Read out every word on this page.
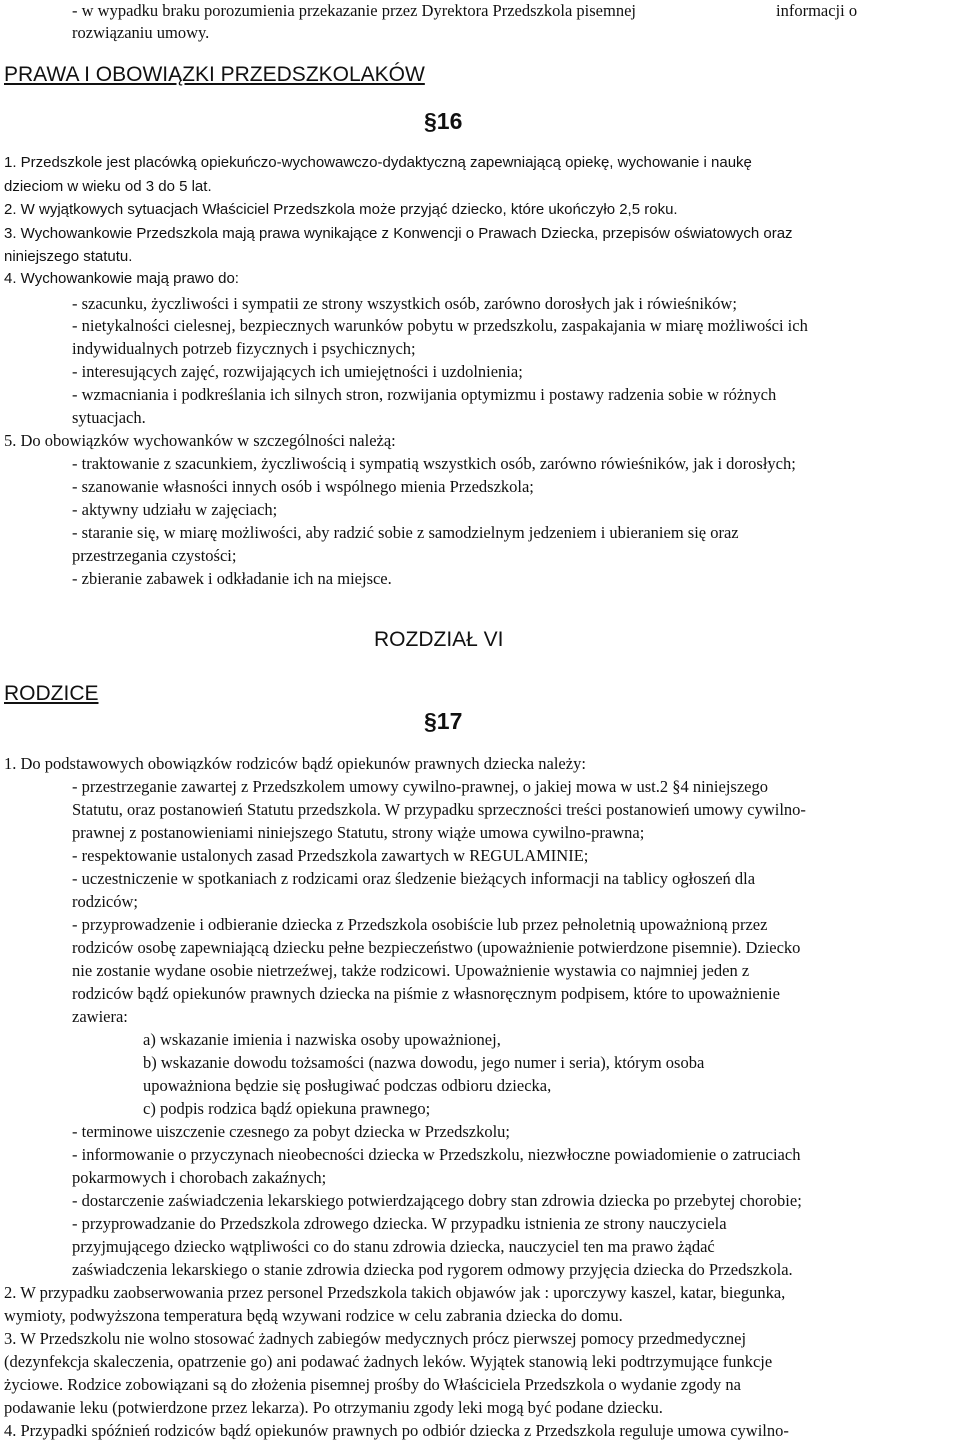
- w wypadku braku porozumienia przekazanie przez Dyrektora Przedszkola pisemnej	informacji o
rozwiązaniu umowy.
PRAWA I OBOWIĄZKI PRZEDSZKOLAKÓW
§16
1. Przedszkole jest placówką opiekuńczo-wychowawczo-dydaktyczną zapewniającą opiekę, wychowanie i naukę
dzieciom w wieku od 3 do 5 lat.
2. W wyjątkowych sytuacjach Właściciel Przedszkola może przyjąć dziecko, które ukończyło 2,5 roku.
3. Wychowankowie Przedszkola mają prawa wynikające z Konwencji o Prawach Dziecka, przepisów oświatowych oraz
niniejszego statutu.
4. Wychowankowie mają prawo do:
- szacunku, życzliwości i sympatii ze strony wszystkich osób, zarówno dorosłych jak i rówieśników;
- nietykalności cielesnej, bezpiecznych warunków pobytu w przedszkolu, zaspakajania w miarę możliwości ich
indywidualnych potrzeb fizycznych i psychicznych;
- interesujących zajęć, rozwijających ich umiejętności i uzdolnienia;
- wzmacniania i podkreślania ich silnych stron, rozwijania optymizmu i postawy radzenia sobie w różnych
sytuacjach.
5. Do obowiązków wychowanków w szczególności należą:
- traktowanie z szacunkiem, życzliwością i sympatią wszystkich osób, zarówno rówieśników, jak i dorosłych;
- szanowanie własności innych osób i wspólnego mienia Przedszkola;
- aktywny udziału w zajęciach;
- staranie się, w miarę możliwości, aby radzić sobie z samodzielnym jedzeniem i ubieraniem się oraz
przestrzegania czystości;
- zbieranie zabawek i odkładanie ich na miejsce.
ROZDZIAŁ VI
RODZICE
§17
1. Do podstawowych obowiązków rodziców bądź opiekunów prawnych dziecka należy:
- przestrzeganie zawartej z Przedszkolem umowy cywilno-prawnej, o jakiej mowa w ust.2 §4 niniejszego
Statutu, oraz postanowień Statutu przedszkola. W przypadku sprzeczności treści postanowień umowy cywilno-
prawnej z postanowieniami niniejszego Statutu, strony wiąże umowa cywilno-prawna;
- respektowanie ustalonych zasad Przedszkola zawartych w REGULAMINIE;
- uczestniczenie w spotkaniach z rodzicami oraz śledzenie bieżących informacji na tablicy ogłoszeń dla
rodziców;
- przyprowadzenie i odbieranie dziecka z Przedszkola osobiście lub przez pełnoletnią upoważnioną przez
rodziców osobę zapewniającą dziecku pełne bezpieczeństwo (upoważnienie potwierdzone pisemnie). Dziecko
nie zostanie wydane osobie nietrzeźwej, także rodzicowi. Upoważnienie wystawia co najmniej jeden z
rodziców bądź opiekunów prawnych dziecka na piśmie z własnoręcznym podpisem, które to upoważnienie
zawiera:
a) wskazanie imienia i nazwiska osoby upoważnionej,
b) wskazanie dowodu tożsamości (nazwa dowodu, jego numer i seria), którym osoba
upoważniona będzie się posługiwać podczas odbioru dziecka,
c) podpis rodzica bądź opiekuna prawnego;
- terminowe uiszczenie czesnego za pobyt dziecka w Przedszkolu;
- informowanie o przyczynach nieobecności dziecka w Przedszkolu, niezwłoczne powiadomienie o zatruciach
pokarmowych i chorobach zakaźnych;
- dostarczenie zaświadczenia lekarskiego potwierdzającego dobry stan zdrowia dziecka po przebytej chorobie;
- przyprowadzanie do Przedszkola zdrowego dziecka. W przypadku istnienia ze strony nauczyciela
przyjmującego dziecko wątpliwości co do stanu zdrowia dziecka, nauczyciel ten ma prawo żądać
zaświadczenia lekarskiego o stanie zdrowia dziecka pod rygorem odmowy przyjęcia dziecka do Przedszkola.
2. W przypadku zaobserwowania przez personel Przedszkola takich objawów jak : uporczywy kaszel, katar, biegunka,
wymioty, podwyższona temperatura będą wzywani rodzice w celu zabrania dziecka do domu.
3. W Przedszkolu nie wolno stosować żadnych zabiegów medycznych prócz pierwszej pomocy przedmedycznej
(dezynfekcja skaleczenia, opatrzenie go) ani podawać żadnych leków. Wyjątek stanowią leki podtrzymujące funkcje
życiowe. Rodzice zobowiązani są do złożenia pisemnej prośby do Właściciela Przedszkola o wydanie zgody na
podawanie leku (potwierdzone przez lekarza). Po otrzymaniu zgody leki mogą być podane dziecku.
4. Przypadki spóźnień rodziców bądź opiekunów prawnych po odbiór dziecka z Przedszkola reguluje umowa cywilno-
